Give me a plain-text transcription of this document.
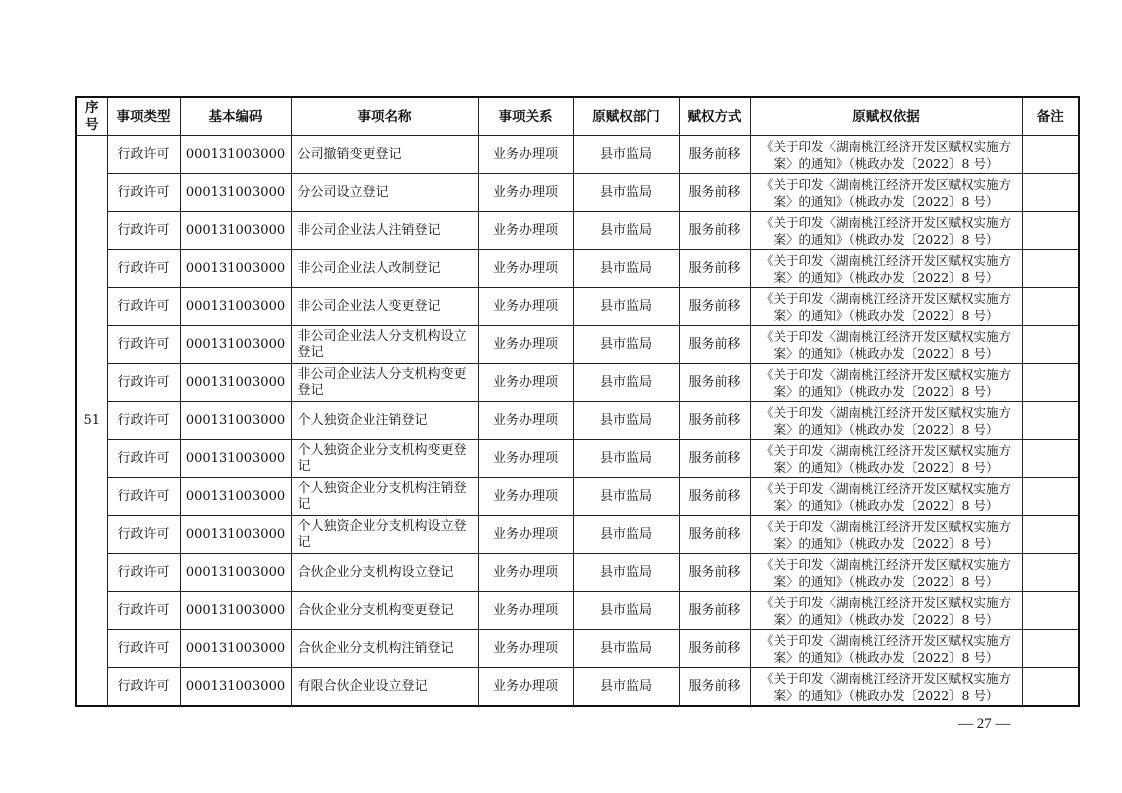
序号	事项类型	基本编码	事项名称	事项关系	原赋权部门	赋权方式	原赋权依据	备注
51	行政许可	000131003000	公司撤销变更登记	业务办理项	县市监局	服务前移	《关于印发〈湖南桃江经济开发区赋权实施方案〉的通知》（桃政办发〔2022〕8 号）	
	行政许可	000131003000	分公司设立登记	业务办理项	县市监局	服务前移	《关于印发〈湖南桃江经济开发区赋权实施方案〉的通知》（桃政办发〔2022〕8 号）	
	行政许可	000131003000	非公司企业法人注销登记	业务办理项	县市监局	服务前移	《关于印发〈湖南桃江经济开发区赋权实施方案〉的通知》（桃政办发〔2022〕8 号）	
	行政许可	000131003000	非公司企业法人改制登记	业务办理项	县市监局	服务前移	《关于印发〈湖南桃江经济开发区赋权实施方案〉的通知》（桃政办发〔2022〕8 号）	
	行政许可	000131003000	非公司企业法人变更登记	业务办理项	县市监局	服务前移	《关于印发〈湖南桃江经济开发区赋权实施方案〉的通知》（桃政办发〔2022〕8 号）	
	行政许可	000131003000	非公司企业法人分支机构设立登记	业务办理项	县市监局	服务前移	《关于印发〈湖南桃江经济开发区赋权实施方案〉的通知》（桃政办发〔2022〕8 号）	
	行政许可	000131003000	非公司企业法人分支机构变更登记	业务办理项	县市监局	服务前移	《关于印发〈湖南桃江经济开发区赋权实施方案〉的通知》（桃政办发〔2022〕8 号）	
	行政许可	000131003000	个人独资企业注销登记	业务办理项	县市监局	服务前移	《关于印发〈湖南桃江经济开发区赋权实施方案〉的通知》（桃政办发〔2022〕8 号）	
	行政许可	000131003000	个人独资企业分支机构变更登记	业务办理项	县市监局	服务前移	《关于印发〈湖南桃江经济开发区赋权实施方案〉的通知》（桃政办发〔2022〕8 号）	
	行政许可	000131003000	个人独资企业分支机构注销登记	业务办理项	县市监局	服务前移	《关于印发〈湖南桃江经济开发区赋权实施方案〉的通知》（桃政办发〔2022〕8 号）	
	行政许可	000131003000	个人独资企业分支机构设立登记	业务办理项	县市监局	服务前移	《关于印发〈湖南桃江经济开发区赋权实施方案〉的通知》（桃政办发〔2022〕8 号）	
	行政许可	000131003000	合伙企业分支机构设立登记	业务办理项	县市监局	服务前移	《关于印发〈湖南桃江经济开发区赋权实施方案〉的通知》（桃政办发〔2022〕8 号）	
	行政许可	000131003000	合伙企业分支机构变更登记	业务办理项	县市监局	服务前移	《关于印发〈湖南桃江经济开发区赋权实施方案〉的通知》（桃政办发〔2022〕8 号）	
	行政许可	000131003000	合伙企业分支机构注销登记	业务办理项	县市监局	服务前移	《关于印发〈湖南桃江经济开发区赋权实施方案〉的通知》（桃政办发〔2022〕8 号）	
	行政许可	000131003000	有限合伙企业设立登记	业务办理项	县市监局	服务前移	《关于印发〈湖南桃江经济开发区赋权实施方案〉的通知》（桃政办发〔2022〕8 号）	
— 27 —
